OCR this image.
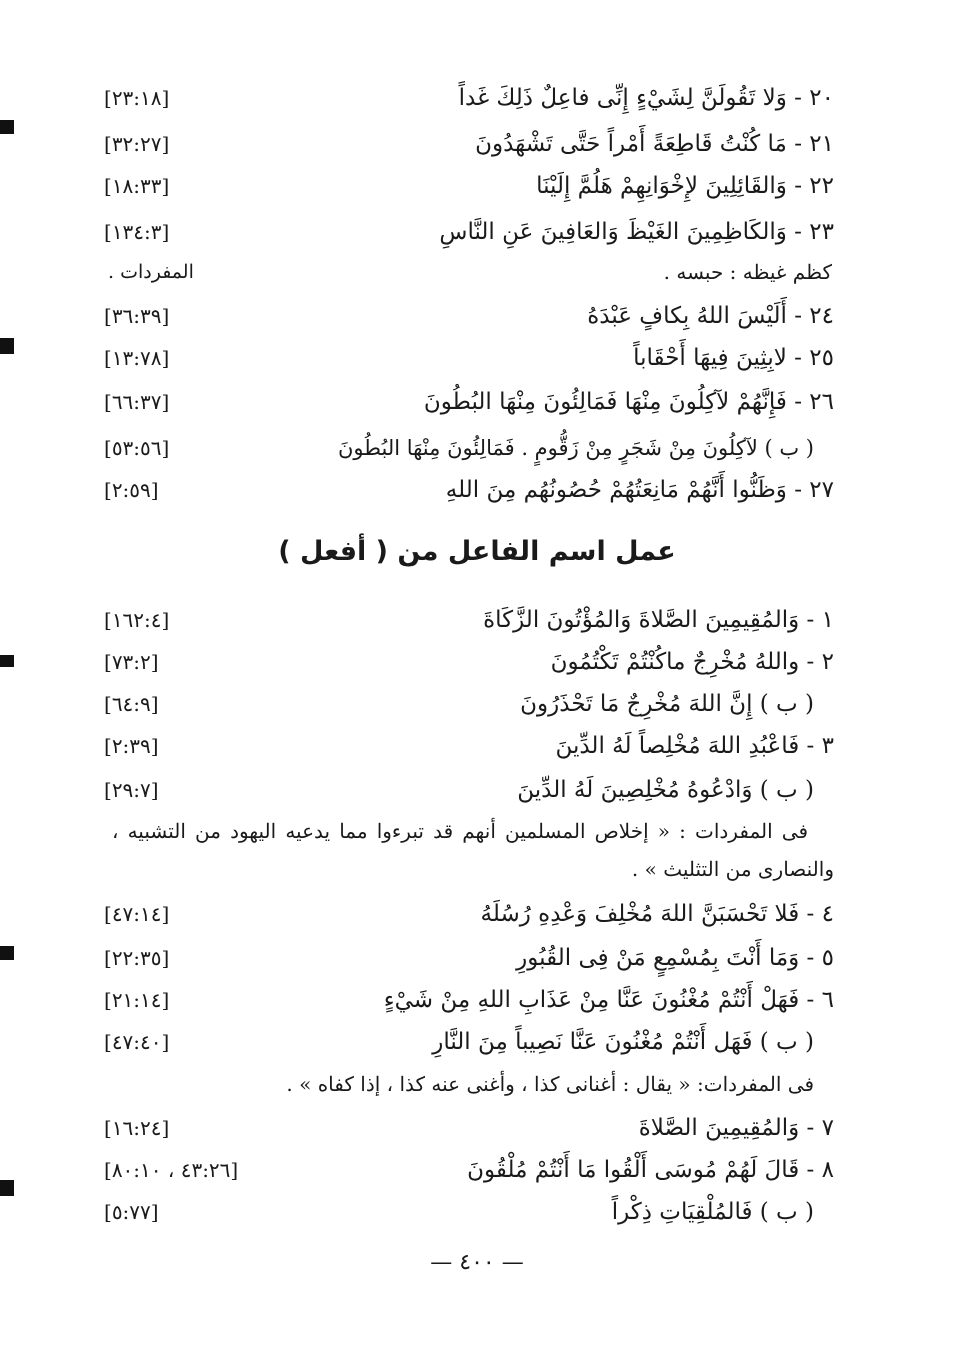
٢٠ - وَلا تَقُولَنَّ لِشَيْءٍ إِنِّى فاعِلٌ ذَلِكَ غَداً
[٢٣:١٨]
٢١ - مَا كُنْتُ قَاطِعَةً أَمْراً حَتَّى تَشْهَدُونَ
[٣٢:٢٧]
٢٢ - وَالقَائِلِينَ لإِخْوَانِهِمْ هَلُمَّ إِلَيْنَا
[١٨:٣٣]
٢٣ - وَالكَاظِمِينَ الغَيْظَ وَالعَافِينَ عَنِ النَّاسِ
[١٣٤:٣]
كظم غيظه : حبسه .
المفردات .
٢٤ - أَلَيْسَ اللهُ بِكافٍ عَبْدَهُ
[٣٦:٣٩]
٢٥ - لابِثِينَ فِيهَا أَحْقَاباً
[١٣:٧٨]
٢٦ - فَإِنَّهُمْ لآكِلُونَ مِنْهَا فَمَالِئُونَ مِنْهَا البُطُونَ
[٦٦:٣٧]
( ب ) لآكِلُونَ مِنْ شَجَرٍ مِنْ زَقُّومٍ . فَمَالِئُونَ مِنْهَا البُطُونَ
[٥٣:٥٦]
٢٧ - وَظَنُّوا أَنَّهُمْ مَانِعَتُهُمْ حُصُونُهُم مِنَ اللهِ
[٢:٥٩]
عمل اسم الفاعل من ( أفعل )
١ - وَالمُقِيمِينَ الصَّلاةَ وَالمُؤْتُونَ الزَّكَاةَ
[١٦٢:٤]
٢ - واللهُ مُخْرِجٌ ماكُنْتُمْ تَكْتُمُونَ
[٧٣:٢]
( ب ) إِنَّ اللهَ مُخْرِجٌ مَا تَحْذَرُونَ
[٦٤:٩]
٣ - فَاعْبُدِ اللهَ مُخْلِصاً لَهُ الدِّينَ
[٢:٣٩]
( ب ) وَادْعُوهُ مُخْلِصِينَ لَهُ الدِّينَ
[٢٩:٧]
فى المفردات : « إخلاص المسلمين أنهم قد تبرءوا مما يدعيه اليهود من التشبيه ، والنصارى من التثليث » .
٤ - فَلا تَحْسَبَنَّ اللهَ مُخْلِفَ وَعْدِهِ رُسُلَهُ
[٤٧:١٤]
٥ - وَمَا أَنْتَ بِمُسْمِعٍ مَنْ فِى القُبُورِ
[٢٢:٣٥]
٦ - فَهَلْ أَنْتُمْ مُغْنُونَ عَنَّا مِنْ عَذَابِ اللهِ مِنْ شَيْءٍ
[٢١:١٤]
( ب ) فَهَل أَنْتُمْ مُغْنُونَ عَنَّا نَصِيباً مِنَ النَّارِ
[٤٧:٤٠]
فى المفردات: « يقال : أغنانى كذا ، وأغنى عنه كذا ، إذا كفاه » .
٧ - وَالمُقِيمِينَ الصَّلاةَ
[١٦:٢٤]
٨ - قَالَ لَهُمْ مُوسَى أَلْقُوا مَا أَنْتُمْ مُلْقُونَ
[٤٣:٢٦ ، ٨٠:١٠]
( ب ) فَالمُلْقِيَاتِ ذِكْراً
[٥:٧٧]
— ٤٠٠ —
